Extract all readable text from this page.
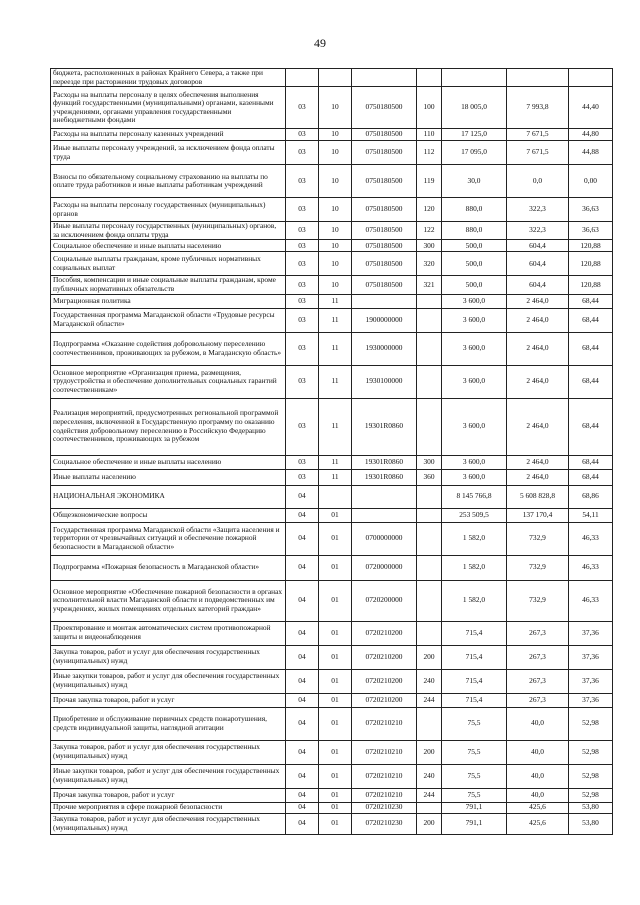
49
бюджета, расположенных в районах Крайнего Севера, а также при переезде при расторжении трудовых договоров							
Расходы на выплаты персоналу в целях обеспечения выполнения функций государственными (муниципальными) органами, казенными учреждениями, органами управления государственными внебюджетными фондами	03	10	0750180500	100	18 005,0	7 993,8	44,40
Расходы на выплаты персоналу казенных учреждений	03	10	0750180500	110	17 125,0	7 671,5	44,80
Иные выплаты персоналу учреждений, за исключением фонда оплаты труда	03	10	0750180500	112	17 095,0	7 671,5	44,88
Взносы по обязательному социальному страхованию на выплаты по оплате труда работников и иные выплаты работникам учреждений	03	10	0750180500	119	30,0	0,0	0,00
Расходы на выплаты персоналу государственных (муниципальных) органов	03	10	0750180500	120	880,0	322,3	36,63
Иные выплаты персоналу государственных (муниципальных) органов, за исключением фонда оплаты труда	03	10	0750180500	122	880,0	322,3	36,63
Социальное обеспечение и иные выплаты населению	03	10	0750180500	300	500,0	604,4	120,88
Социальные выплаты гражданам, кроме публичных нормативных социальных выплат	03	10	0750180500	320	500,0	604,4	120,88
Пособия, компенсации и иные социальные выплаты гражданам, кроме публичных нормативных обязательств	03	10	0750180500	321	500,0	604,4	120,88
Миграционная политика	03	11			3 600,0	2 464,0	68,44
Государственная программа Магаданской области «Трудовые ресурсы Магаданской области»	03	11	1900000000		3 600,0	2 464,0	68,44
Подпрограмма «Оказание содействия добровольному переселению соотечественников, проживающих за рубежом, в Магаданскую область»	03	11	1930000000		3 600,0	2 464,0	68,44
Основное мероприятие «Организация приема, размещения, трудоустройства и обеспечение дополнительных социальных гарантий соотечественникам»	03	11	1930100000		3 600,0	2 464,0	68,44
Реализация мероприятий, предусмотренных региональной программой переселения, включенной в Государственную программу по оказанию содействия добровольному переселению в Российскую Федерацию соотечественников, проживающих за рубежом	03	11	19301R0860		3 600,0	2 464,0	68,44
Социальное обеспечение и иные выплаты населению	03	11	19301R0860	300	3 600,0	2 464,0	68,44
Иные выплаты населению	03	11	19301R0860	360	3 600,0	2 464,0	68,44
НАЦИОНАЛЬНАЯ ЭКОНОМИКА	04				8 145 766,8	5 608 828,8	68,86
Общеэкономические вопросы	04	01			253 509,5	137 170,4	54,11
Государственная программа Магаданской области «Защита населения и территории от чрезвычайных ситуаций и обеспечение пожарной безопасности в Магаданской области»	04	01	0700000000		1 582,0	732,9	46,33
Подпрограмма «Пожарная безопасность в Магаданской области»	04	01	0720000000		1 582,0	732,9	46,33
Основное мероприятие «Обеспечение пожарной безопасности в органах исполнительной власти Магаданской области и подведомственных им учреждениях, жилых помещениях отдельных категорий граждан»	04	01	0720200000		1 582,0	732,9	46,33
Проектирование и монтаж автоматических систем противопожарной защиты и видеонаблюдения	04	01	0720210200		715,4	267,3	37,36
Закупка товаров, работ и услуг для обеспечения государственных (муниципальных) нужд	04	01	0720210200	200	715,4	267,3	37,36
Иные закупки товаров, работ и услуг для обеспечения государственных (муниципальных) нужд	04	01	0720210200	240	715,4	267,3	37,36
Прочая закупка товаров, работ и услуг	04	01	0720210200	244	715,4	267,3	37,36
Приобретение и обслуживание первичных средств пожаротушения, средств индивидуальной защиты, наглядной агитации	04	01	0720210210		75,5	40,0	52,98
Закупка товаров, работ и услуг для обеспечения государственных (муниципальных) нужд	04	01	0720210210	200	75,5	40,0	52,98
Иные закупки товаров, работ и услуг для обеспечения государственных (муниципальных) нужд	04	01	0720210210	240	75,5	40,0	52,98
Прочая закупка товаров, работ и услуг	04	01	0720210210	244	75,5	40,0	52,98
Прочие мероприятия в сфере пожарной безопасности	04	01	0720210230		791,1	425,6	53,80
Закупка товаров, работ и услуг для обеспечения государственных (муниципальных) нужд	04	01	0720210230	200	791,1	425,6	53,80
